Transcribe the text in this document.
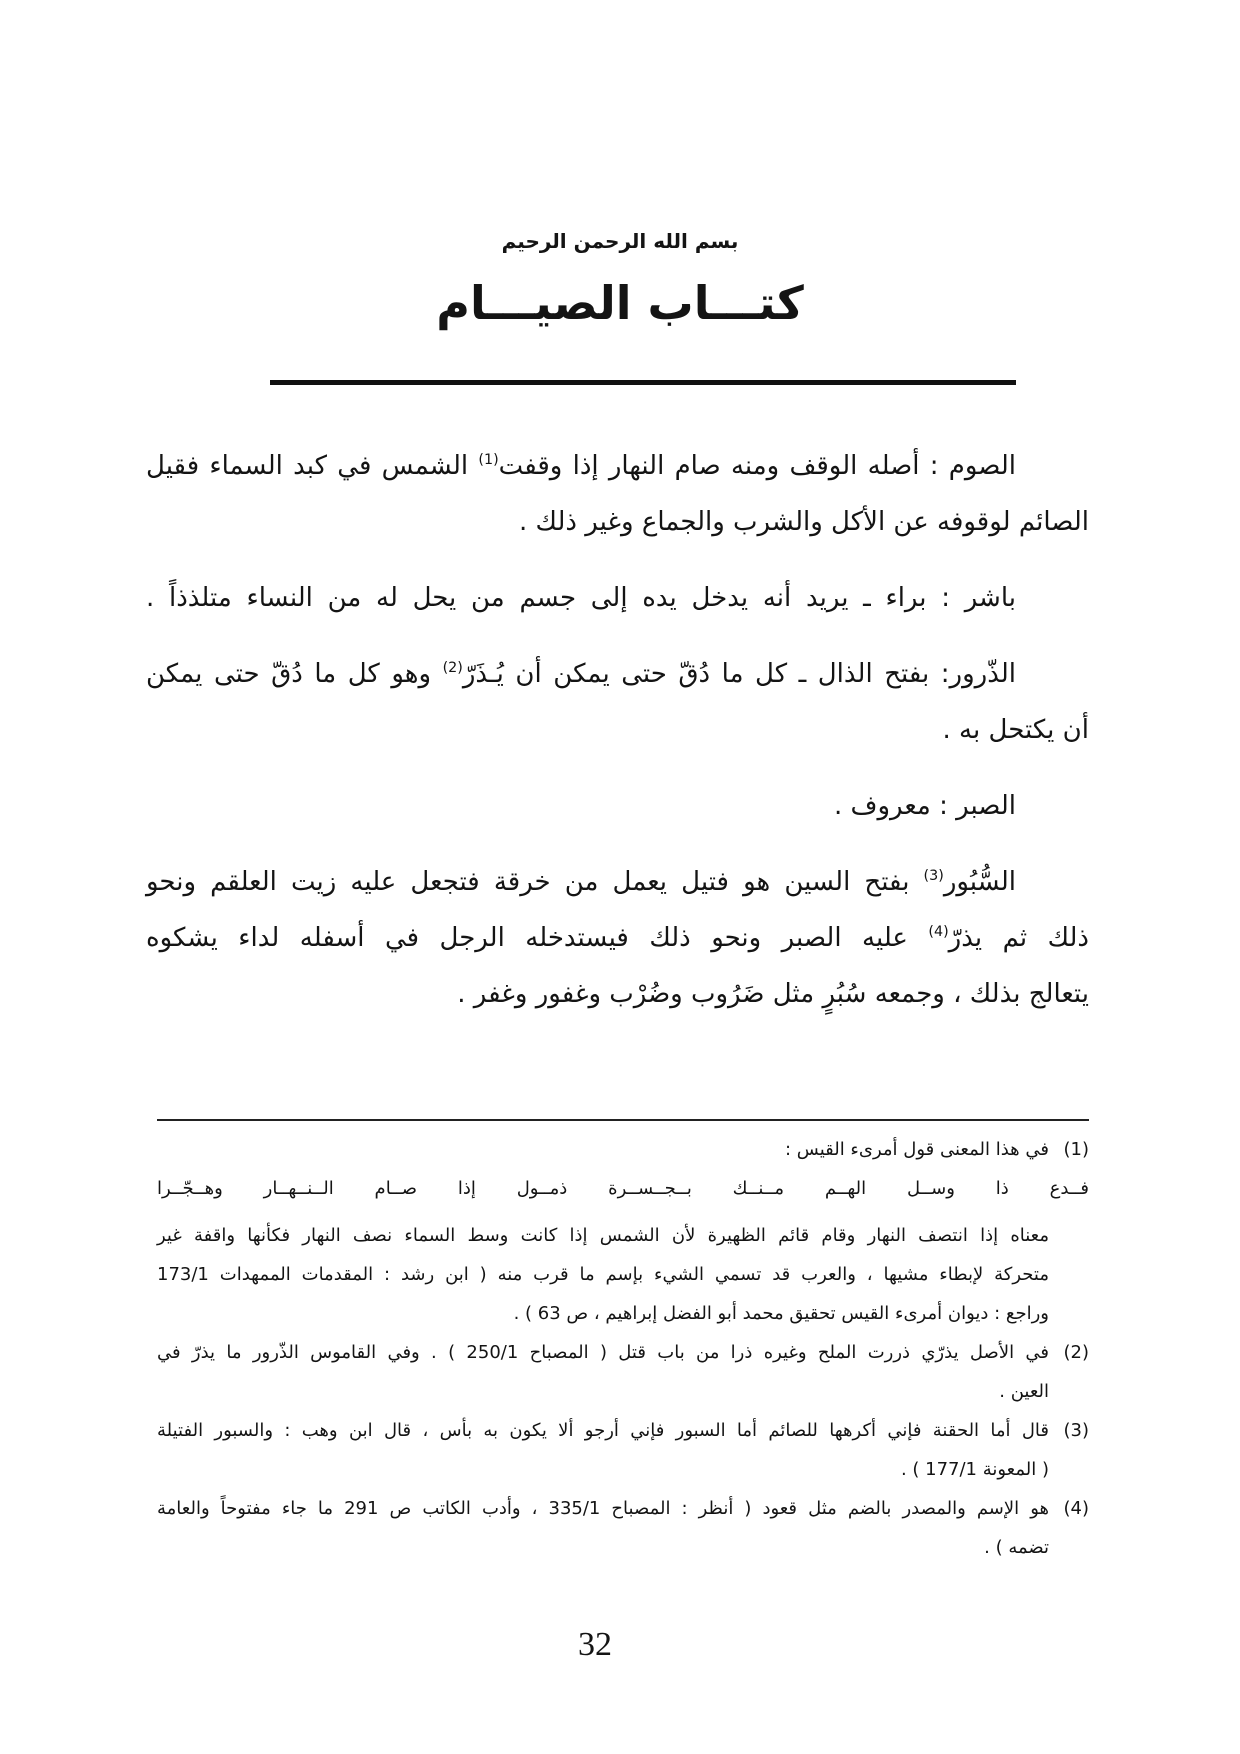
بسم الله الرحمن الرحيم
كتـــاب الصيـــام
الصوم : أصله الوقف ومنه صام النهار إذا وقفت$^{(1)}$ الشمس في كبد السماء فقيل
الصائم لوقوفه عن الأكل والشرب والجماع وغير ذلك .
باشر : براء ـ يريد أنه يدخل يده إلى جسم من يحل له من النساء متلذذاً .
الذّرور: بفتح الذال ـ كل ما دُقّ حتى يمكن أن يُـذَرّ$^{(2)}$ وهو كل ما دُقّ حتى يمكن
أن يكتحل به .
الصبر : معروف .
السُّبُور$^{(3)}$ بفتح السين هو فتيل يعمل من خرقة فتجعل عليه زيت العلقم ونحو
ذلك ثم يذرّ$^{(4)}$ عليه الصبر ونحو ذلك فيستدخله الرجل في أسفله لداء يشكوه
يتعالج بذلك ، وجمعه سُبُرٍ مثل ضَرُوب وضُرْب وغفور وغفر .
(1)
في هذا المعنى قول أمرىء القيس :
فــدع ذا وســل الهــم مــنــك بــجــســرة ذمــول إذا صــام الــنــهــار وهــجّــرا
معناه إذا انتصف النهار وقام قائم الظهيرة لأن الشمس إذا كانت وسط السماء نصف النهار فكأنها واقفة غير
متحركة لإبطاء مشيها ، والعرب قد تسمي الشيء بإسم ما قرب منه ( ابن رشد : المقدمات الممهدات 173/1
وراجع : ديوان أمرىء القيس تحقيق محمد أبو الفضل إبراهيم ، ص 63 ) .
(2)
في الأصل يذرّي ذررت الملح وغيره ذرا من باب قتل ( المصباح 250/1 ) . وفي القاموس الذّرور ما يذرّ في
العين .
(3)
قال أما الحقنة فإني أكرهها للصائم أما السبور فإني أرجو ألا يكون به بأس ، قال ابن وهب : والسبور الفتيلة
( المعونة 177/1 ) .
(4)
هو الإسم والمصدر بالضم مثل قعود ( أنظر : المصباح 335/1 ، وأدب الكاتب ص 291 ما جاء مفتوحاً والعامة
تضمه ) .
32
